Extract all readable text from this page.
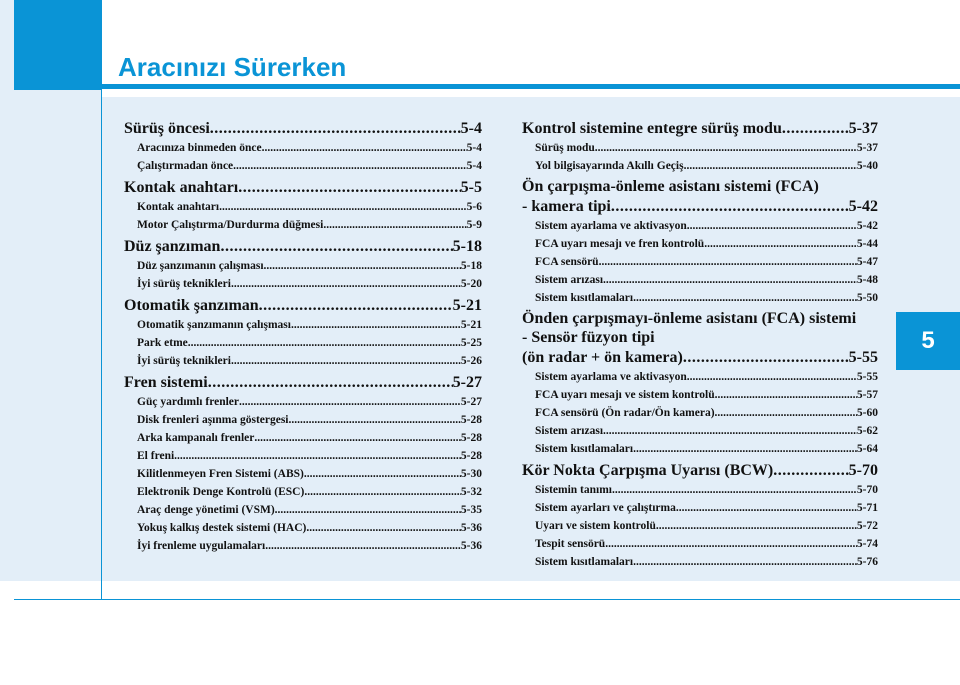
Aracınızı Sürerken
5
Sürüş öncesi .....	5-4
Aracınıza binmeden önce .....	5-4
Çalıştırmadan önce .....	5-4
Kontak anahtarı .....	5-5
Kontak anahtarı .....	5-6
Motor Çalıştırma/Durdurma düğmesi .....	5-9
Düz şanzıman .....	5-18
Düz şanzımanın çalışması .....	5-18
İyi sürüş teknikleri .....	5-20
Otomatik şanzıman .....	5-21
Otomatik şanzımanın çalışması .....	5-21
Park etme .....	5-25
İyi sürüş teknikleri .....	5-26
Fren sistemi .....	5-27
Güç yardımlı frenler .....	5-27
Disk frenleri aşınma göstergesi .....	5-28
Arka kampanalı frenler .....	5-28
El freni .....	5-28
Kilitlenmeyen Fren Sistemi (ABS) .....	5-30
Elektronik Denge Kontrolü (ESC) .....	5-32
Araç denge yönetimi (VSM) .....	5-35
Yokuş kalkış destek sistemi (HAC) .....	5-36
İyi frenleme uygulamaları .....	5-36
Kontrol sistemine entegre sürüş modu .....	5-37
Sürüş modu .....	5-37
Yol bilgisayarında Akıllı Geçiş .....	5-40
Ön çarpışma-önleme asistanı sistemi (FCA)
- kamera tipi .....	5-42
Sistem ayarlama ve aktivasyon .....	5-42
FCA uyarı mesajı ve fren kontrolü .....	5-44
FCA sensörü .....	5-47
Sistem arızası .....	5-48
Sistem kısıtlamaları .....	5-50
Önden çarpışmayı-önleme asistanı (FCA) sistemi
- Sensör füzyon tipi
(ön radar + ön kamera) .....	5-55
Sistem ayarlama ve aktivasyon .....	5-55
FCA uyarı mesajı ve sistem kontrolü .....	5-57
FCA sensörü (Ön radar/Ön kamera) .....	5-60
Sistem arızası .....	5-62
Sistem kısıtlamaları .....	5-64
Kör Nokta Çarpışma Uyarısı (BCW) .....	5-70
Sistemin tanımı .....	5-70
Sistem ayarları ve çalıştırma .....	5-71
Uyarı ve sistem kontrolü .....	5-72
Tespit sensörü .....	5-74
Sistem kısıtlamaları .....	5-76
